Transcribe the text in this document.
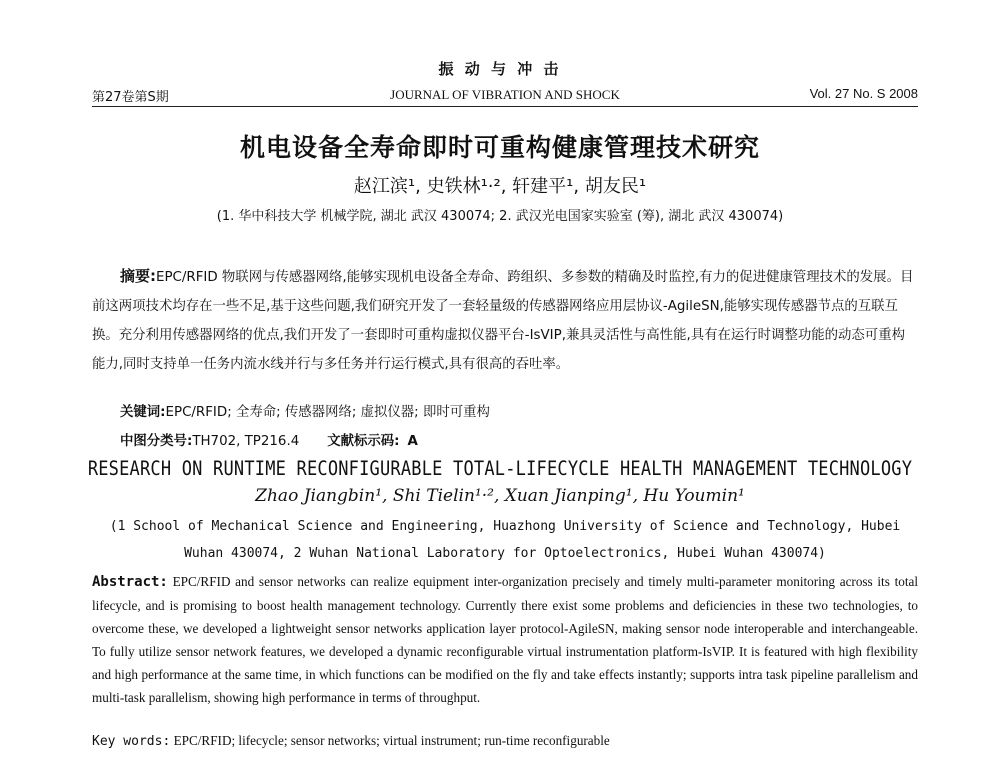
振 动 与 冲 击
第27卷第S期	JOURNAL OF VIBRATION AND SHOCK	Vol. 27 No. S 2008
机电设备全寿命即时可重构健康管理技术研究
赵江滨¹, 史铁林¹·², 轩建平¹, 胡友民¹
(1. 华中科技大学 机械学院, 湖北 武汉 430074; 2. 武汉光电国家实验室 (筹), 湖北 武汉 430074)

摘要:EPC/RFID 物联网与传感器网络,能够实现机电设备全寿命、跨组织、多参数的精确及时监控,有力的促进健康管理技术的发展。目前这两项技术均存在一些不足,基于这些问题,我们研究开发了一套轻量级的传感器网络应用层协议-AgileSN,能够实现传感器节点的互联互换。充分利用传感器网络的优点,我们开发了一套即时可重构虚拟仪器平台-IsVIP,兼具灵活性与高性能,具有在运行时调整功能的动态可重构能力,同时支持单一任务内流水线并行与多任务并行运行模式,具有很高的吞吐率。

关键词:EPC/RFID; 全寿命; 传感器网络; 虚拟仪器; 即时可重构
中图分类号:TH702, TP216.4 文献标示码: A
RESEARCH ON RUNTIME RECONFIGURABLE TOTAL-LIFECYCLE HEALTH MANAGEMENT TECHNOLOGY
Zhao Jiangbin¹, Shi Tielin¹·², Xuan Jianping¹, Hu Youmin¹
(1 School of Mechanical Science and Engineering, Huazhong University of Science and Technology, Hubei Wuhan 430074, 2 Wuhan National Laboratory for Optoelectronics, Hubei Wuhan 430074)
Abstract: EPC/RFID and sensor networks can realize equipment inter-organization precisely and timely multi-parameter monitoring across its total lifecycle, and is promising to boost health management technology. Currently there exist some problems and deficiencies in these two technologies, to overcome these, we developed a lightweight sensor networks application layer protocol-AgileSN, making sensor node interoperable and interchangeable. To fully utilize sensor network features, we developed a dynamic reconfigurable virtual instrumentation platform-IsVIP. It is featured with high flexibility and high performance at the same time, in which functions can be modified on the fly and take effects instantly; supports intra task pipeline parallelism and multi-task parallelism, showing high performance in terms of throughput.
Key words: EPC/RFID; lifecycle; sensor networks; virtual instrument; run-time reconfigurable
